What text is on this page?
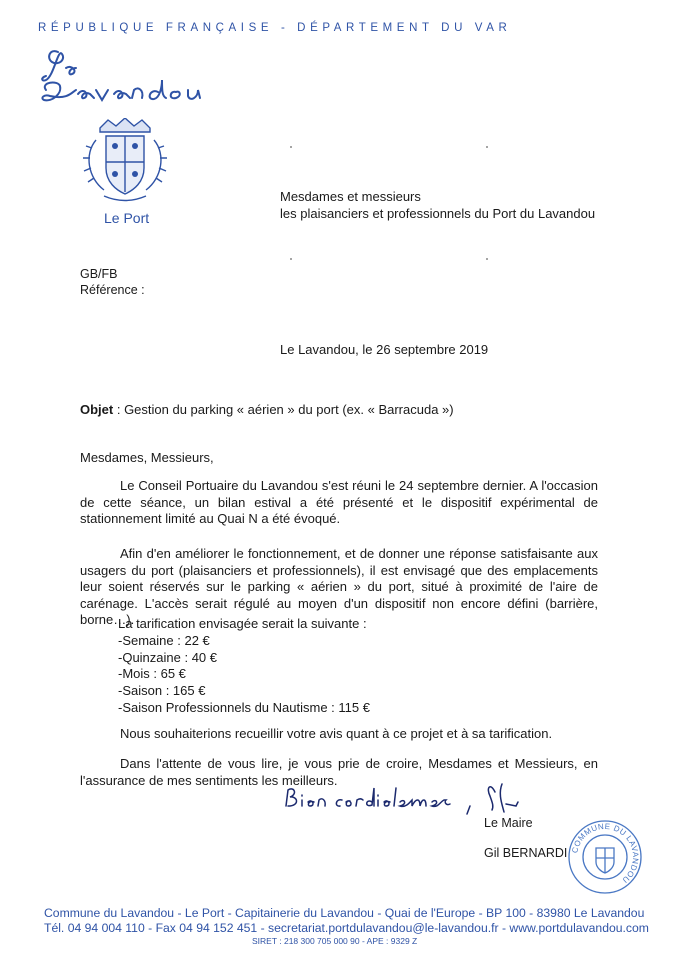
RÉPUBLIQUE FRANÇAISE - DÉPARTEMENT DU VAR
Le Port
Mesdames et messieurs
les plaisanciers et professionnels du Port du Lavandou
GB/FB
Référence :
Le Lavandou, le 26 septembre 2019
Objet : Gestion du parking « aérien » du port (ex. « Barracuda »)
Mesdames, Messieurs,
Le Conseil Portuaire du Lavandou s'est réuni le 24 septembre dernier. A l'occasion de cette séance, un bilan estival a été présenté et le dispositif expérimental de stationnement limité au Quai N a été évoqué.
Afin d'en améliorer le fonctionnement, et de donner une réponse satisfaisante aux usagers du port (plaisanciers et professionnels), il est envisagé que des emplacements leur soient réservés sur le parking « aérien » du port, situé à proximité de l'aire de carénage. L'accès serait régulé au moyen d'un dispositif non encore défini (barrière, borne…).
La tarification envisagée serait la suivante :
-Semaine : 22 €
-Quinzaine : 40 €
-Mois : 65 €
-Saison : 165 €
-Saison Professionnels du Nautisme : 115 €
Nous souhaiterions recueillir votre avis quant à ce projet et à sa tarification.
Dans l'attente de vous lire, je vous prie de croire, Mesdames et Messieurs, en l'assurance de mes sentiments les meilleurs.
Le Maire
Gil BERNARDI COMMUNE DU LAVANDOU
Commune du Lavandou - Le Port - Capitainerie du Lavandou - Quai de l'Europe - BP 100 - 83980 Le Lavandou
Tél. 04 94 004 110 - Fax 04 94 152 451 - secretariat.portdulavandou@le-lavandou.fr - www.portdulavandou.com
SIRET : 218 300 705 000 90 - APE : 9329 Z
